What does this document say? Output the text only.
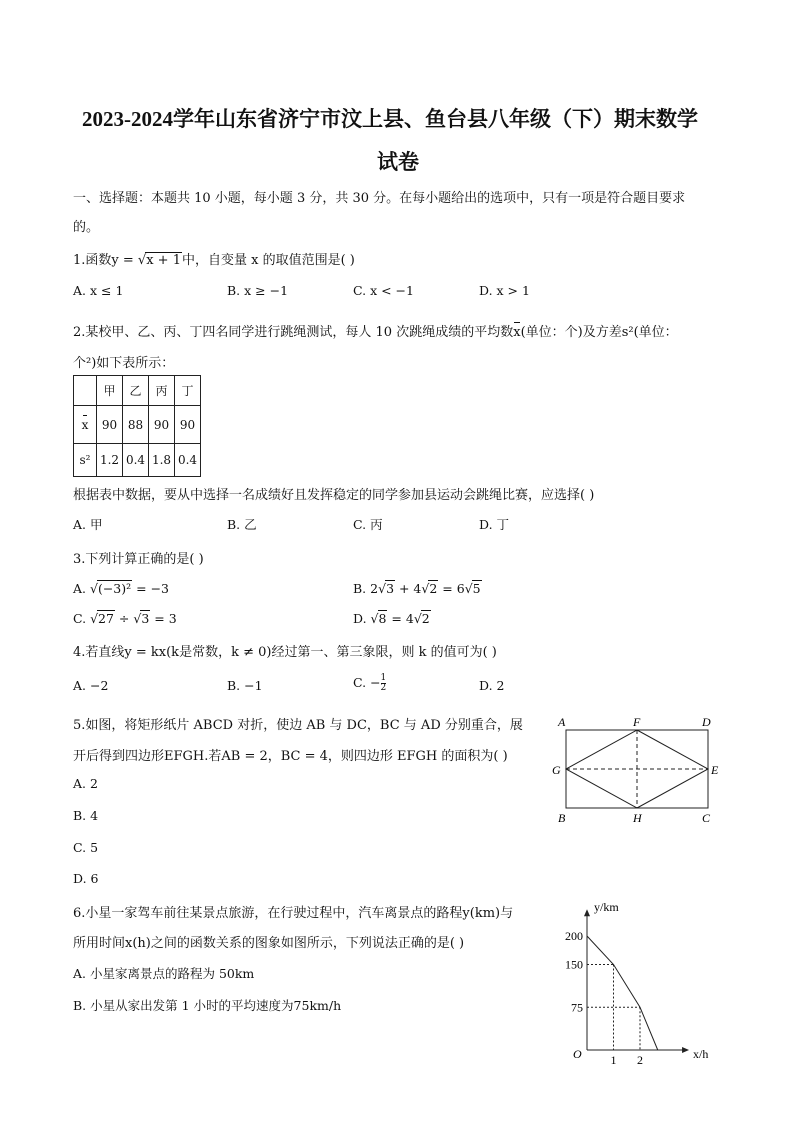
2023-2024学年山东省济宁市汶上县、鱼台县八年级（下）期末数学
试卷
一、选择题：本题共 10 小题，每小题 3 分，共 30 分。在每小题给出的选项中，只有一项是符合题目要求
的。
1.函数y = √x + 1中，自变量 x 的取值范围是( )
A. x ≤ 1	B. x ≥ −1	C. x < −1	D. x > 1
2.某校甲、乙、丙、丁四名同学进行跳绳测试，每人 10 次跳绳成绩的平均数x(单位：个)及方差s²(单位：
个²)如下表所示：
	甲	乙	丙	丁
x	90	88	90	90
s²	1.2	0.4	1.8	0.4
根据表中数据，要从中选择一名成绩好且发挥稳定的同学参加县运动会跳绳比赛，应选择( )
A. 甲	B. 乙	C. 丙	D. 丁
3.下列计算正确的是( )
A. √(−3)² = −3	B. 2√3 + 4√2 = 6√5
C. √27 ÷ √3 = 3	D. √8 = 4√2
4.若直线y = kx(k是常数，k ≠ 0)经过第一、第三象限，则 k 的值可为( )
A. −2	B. −1	C. − $\frac{1}{2}$	D. 2
5.如图，将矩形纸片 ABCD 对折，使边 AB 与 DC，BC 与 AD 分别重合，展
开后得到四边形EFGH.若AB = 2，BC = 4，则四边形 EFGH 的面积为( )
A. 2
B. 4
C. 5
D. 6
A	F	D
G	E
B	H	C
6.小星一家驾车前往某景点旅游，在行驶过程中，汽车离景点的路程y(km)与
所用时间x(h)之间的函数关系的图象如图所示，下列说法正确的是( )
A. 小星家离景点的路程为 50km
B. 小星从家出发第 1 小时的平均速度为75km/h
y/km
x/h
O
200
150
75
1 2
